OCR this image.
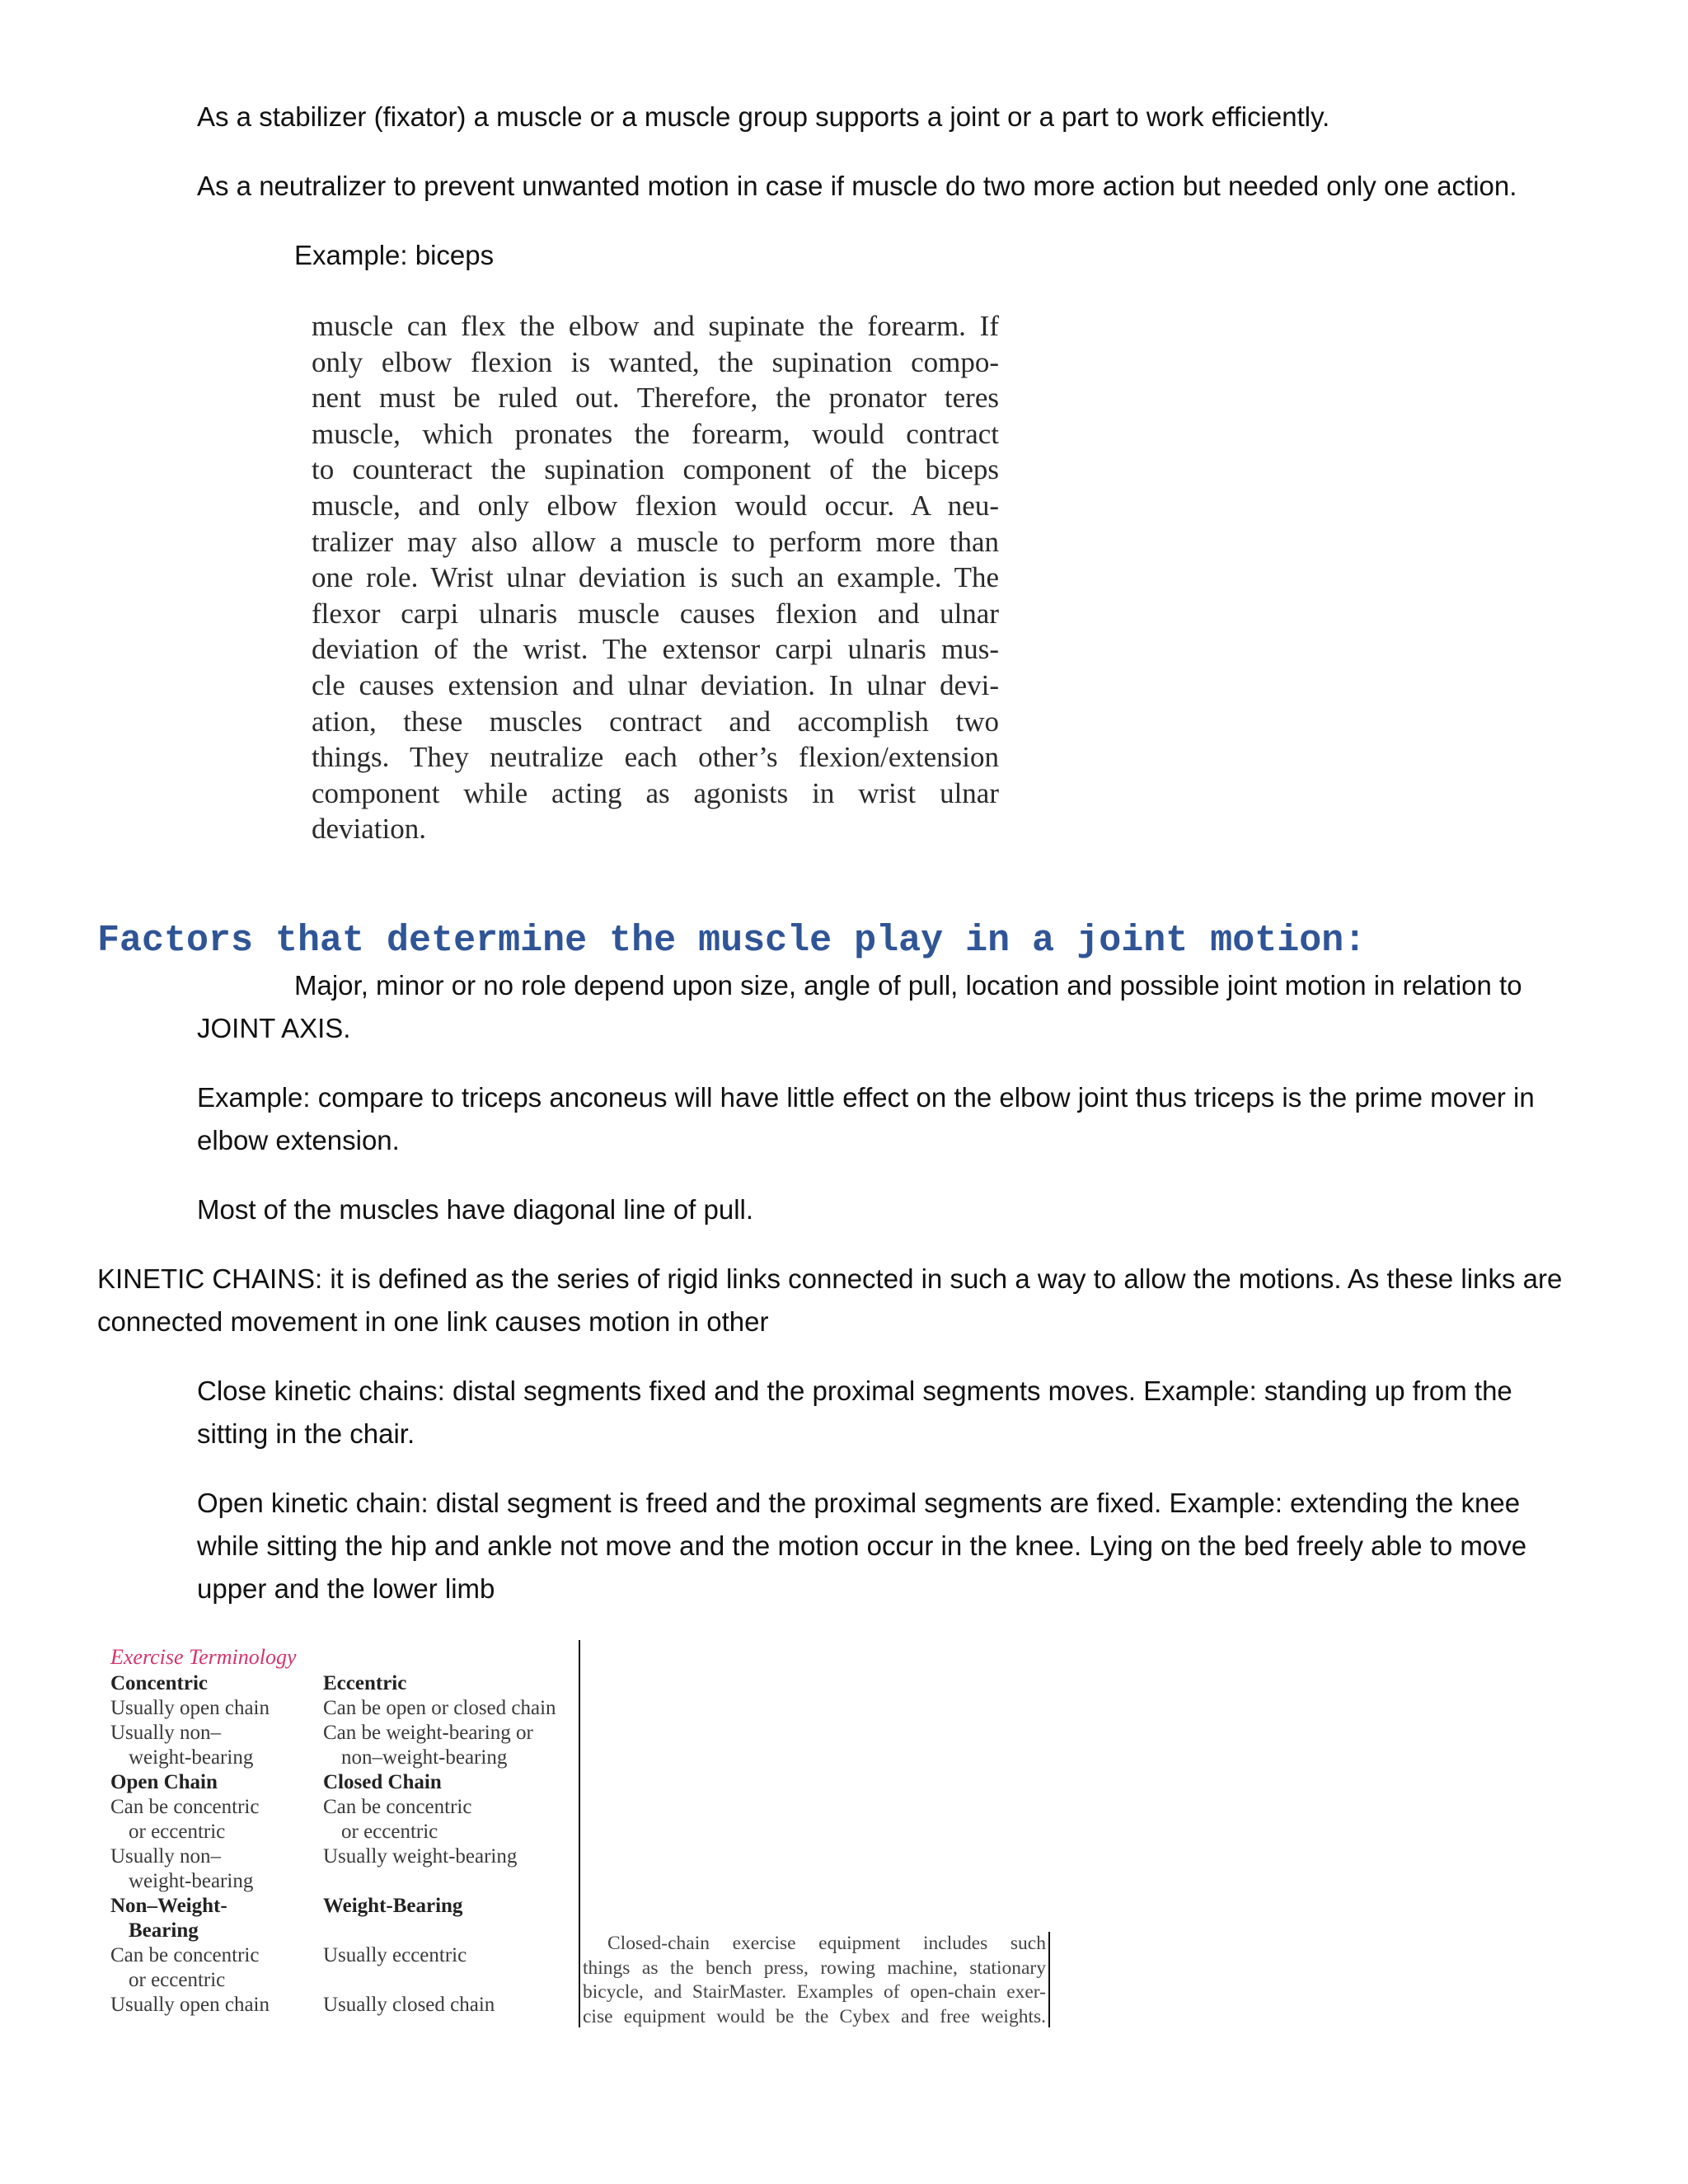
As a stabilizer (fixator) a muscle or a muscle group supports a joint or a part to work efficiently.
As a neutralizer to prevent unwanted motion in case if muscle do two more action but needed only one action.
Example: biceps
muscle can flex the elbow and supinate the forearm. If
only elbow flexion is wanted, the supination compo-
nent must be ruled out. Therefore, the pronator teres
muscle, which pronates the forearm, would contract
to counteract the supination component of the biceps
muscle, and only elbow flexion would occur. A neu-
tralizer may also allow a muscle to perform more than
one role. Wrist ulnar deviation is such an example. The
flexor carpi ulnaris muscle causes flexion and ulnar
deviation of the wrist. The extensor carpi ulnaris mus-
cle causes extension and ulnar deviation. In ulnar devi-
ation, these muscles contract and accomplish two
things. They neutralize each other’s flexion/extension
component while acting as agonists in wrist ulnar
deviation.
Factors that determine the muscle play in a joint motion:
Major, minor or no role depend upon size, angle of pull, location and possible joint motion in relation to
JOINT AXIS.
Example: compare to triceps anconeus will have little effect on the elbow joint thus triceps is the prime mover in
elbow extension.
Most of the muscles have diagonal line of pull.
KINETIC CHAINS: it is defined as the series of rigid links connected in such a way to allow the motions. As these links are
connected movement in one link causes motion in other
Close kinetic chains: distal segments fixed and the proximal segments moves. Example: standing up from the
sitting in the chair.
Open kinetic chain: distal segment is freed and the proximal segments are fixed. Example: extending the knee
while sitting the hip and ankle not move and the motion occur in the knee. Lying on the bed freely able to move
upper and the lower limb
Exercise Terminology
Concentric
Usually open chain
Usually non–
weight-bearing
Open Chain
Can be concentric
or eccentric
Usually non–
weight-bearing
Non–Weight-
Bearing
Can be concentric
or eccentric
Usually open chain
Eccentric
Can be open or closed chain
Can be weight-bearing or
non–weight-bearing
Closed Chain
Can be concentric
or eccentric
Usually weight-bearing
Weight-Bearing
Usually eccentric
Usually closed chain
Closed-chain exercise equipment includes such
things as the bench press, rowing machine, stationary
bicycle, and StairMaster. Examples of open-chain exer-
cise equipment would be the Cybex and free weights.
